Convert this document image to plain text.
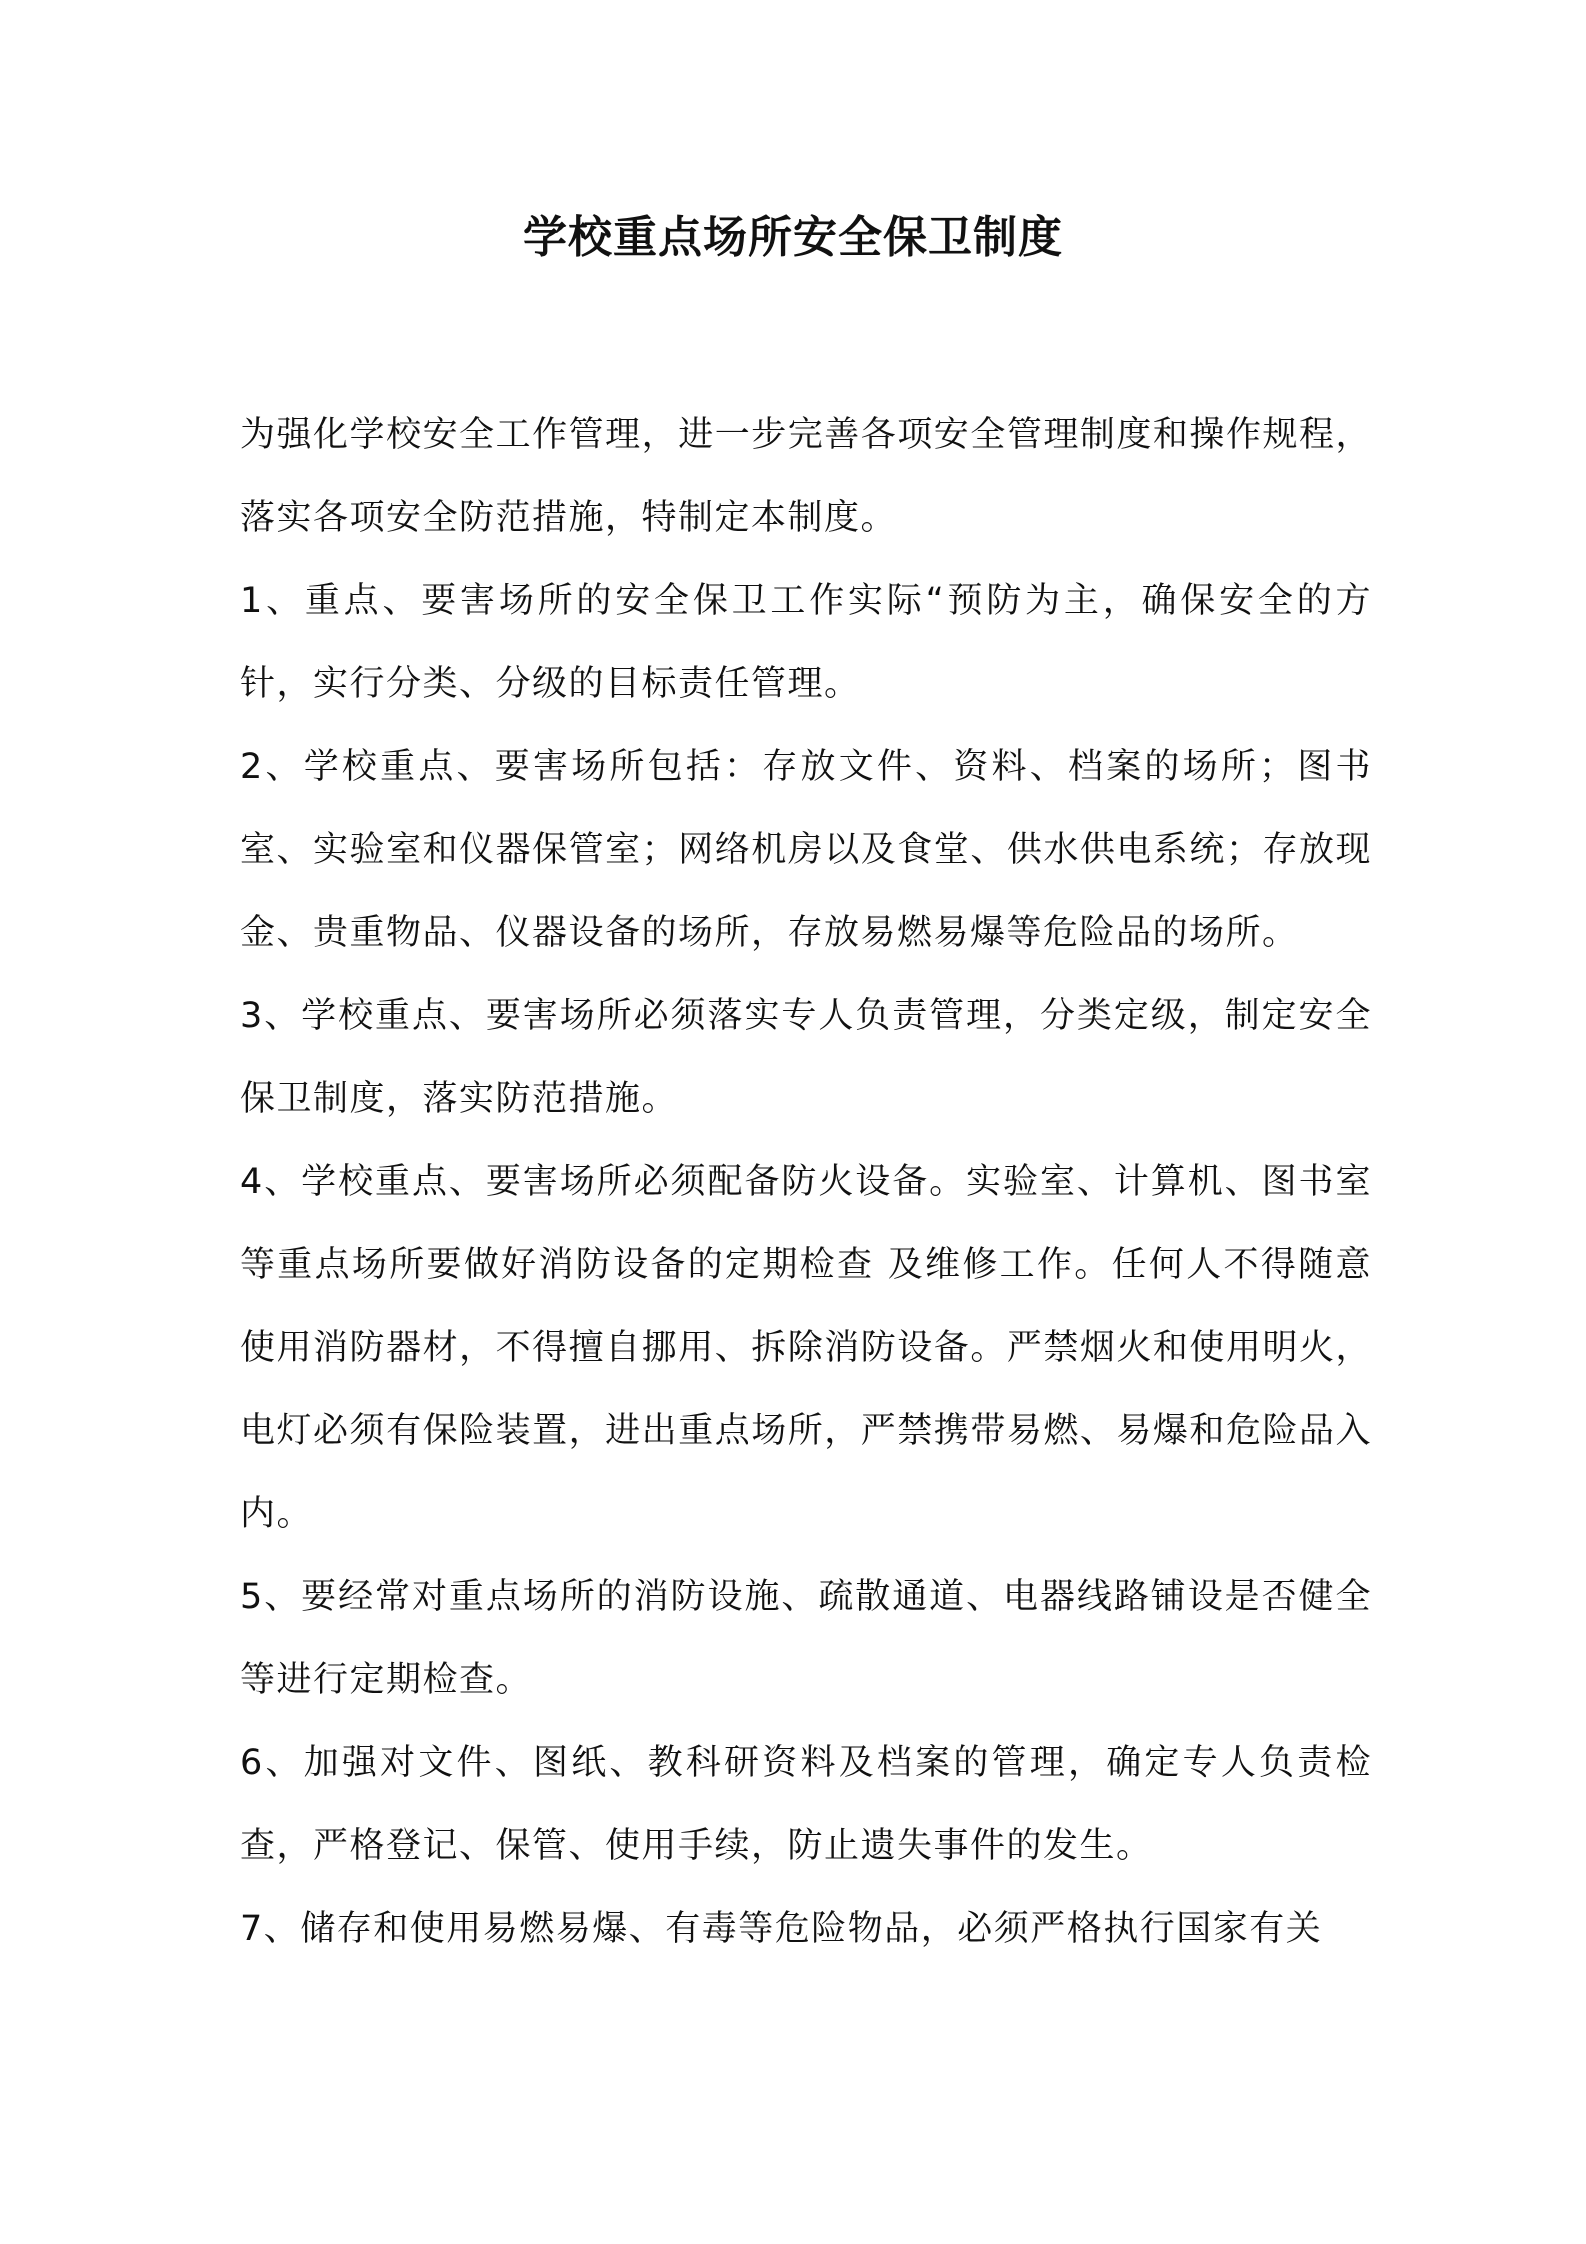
学校重点场所安全保卫制度

为强化学校安全工作管理，进一步完善各项安全管理制度和操作规程，落实各项安全防范措施，特制定本制度。

1、重点、要害场所的安全保卫工作实际“预防为主，确保安全的方针，实行分类、分级的目标责任管理。

2、学校重点、要害场所包括：存放文件、资料、档案的场所；图书室、实验室和仪器保管室；网络机房以及食堂、供水供电系统；存放现金、贵重物品、仪器设备的场所，存放易燃易爆等危险品的场所。

3、学校重点、要害场所必须落实专人负责管理，分类定级，制定安全保卫制度，落实防范措施。

4、学校重点、要害场所必须配备防火设备。实验室、计算机、图书室等重点场所要做好消防设备的定期检查 及维修工作。任何人不得随意使用消防器材，不得擅自挪用、拆除消防设备。严禁烟火和使用明火，电灯必须有保险装置，进出重点场所，严禁携带易燃、易爆和危险品入内。

5、要经常对重点场所的消防设施、疏散通道、电器线路铺设是否健全等进行定期检查。

6、加强对文件、图纸、教科研资料及档案的管理，确定专人负责检查，严格登记、保管、使用手续，防止遗失事件的发生。

7、储存和使用易燃易爆、有毒等危险物品，必须严格执行国家有关
